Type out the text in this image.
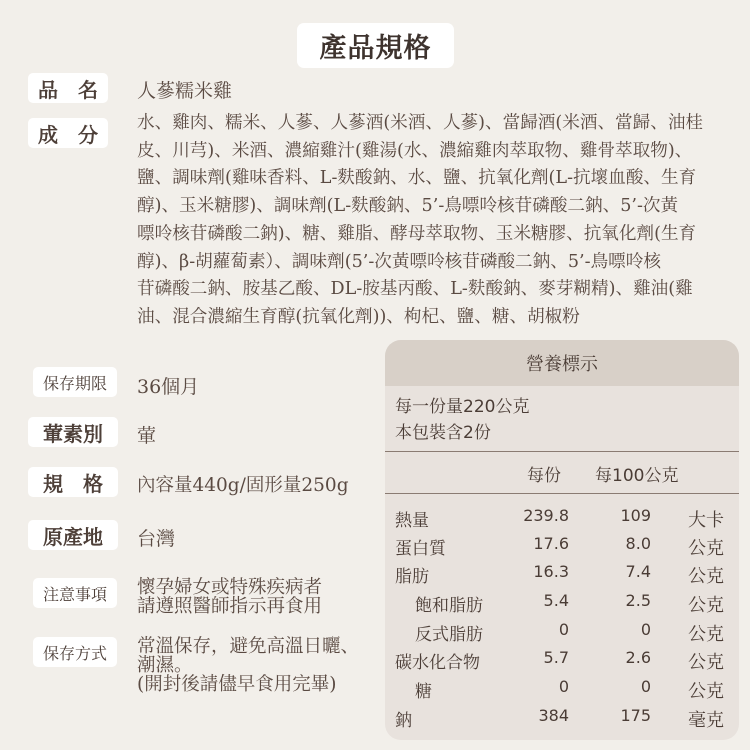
產品規格
品　名	人蔘糯米雞
成　分	水、雞肉、糯米、人蔘、人蔘酒(米酒、人蔘)、當歸酒(米酒、當歸、油桂
皮、川芎)、米酒、濃縮雞汁(雞湯(水、濃縮雞肉萃取物、雞骨萃取物)、
鹽、調味劑(雞味香料、L-麩酸鈉、水、鹽、抗氧化劑(L-抗壞血酸、生育
醇)、玉米糖膠)、調味劑(L-麩酸鈉、5’-鳥嘌呤核苷磷酸二鈉、5’-次黃
嘌呤核苷磷酸二鈉)、糖、雞脂、酵母萃取物、玉米糖膠、抗氧化劑(生育
醇)、β-胡蘿蔔素）、調味劑(5’-次黃嘌呤核苷磷酸二鈉、5’-鳥嘌呤核
苷磷酸二鈉、胺基乙酸、DL-胺基丙酸、L-麩酸鈉、麥芽糊精)、雞油(雞
油、混合濃縮生育醇(抗氧化劑))、枸杞、鹽、糖、胡椒粉
保存期限	36個月
葷素別	葷
規　格	內容量440g/固形量250g
原產地	台灣
注意事項	懷孕婦女或特殊疾病者
請遵照醫師指示再食用
保存方式	常溫保存，避免高溫日曬、
潮濕。
(開封後請儘早食用完畢)
營養標示
每一份量220公克
本包裝含2份
每份 每100公克
熱量	239.8	109 大卡
蛋白質	17.6	8.0 公克
脂肪	16.3	7.4 公克
飽和脂肪	5.4	2.5 公克
反式脂肪	0	0 公克
碳水化合物	5.7	2.6 公克
糖	0	0 公克
鈉	384	175 毫克
